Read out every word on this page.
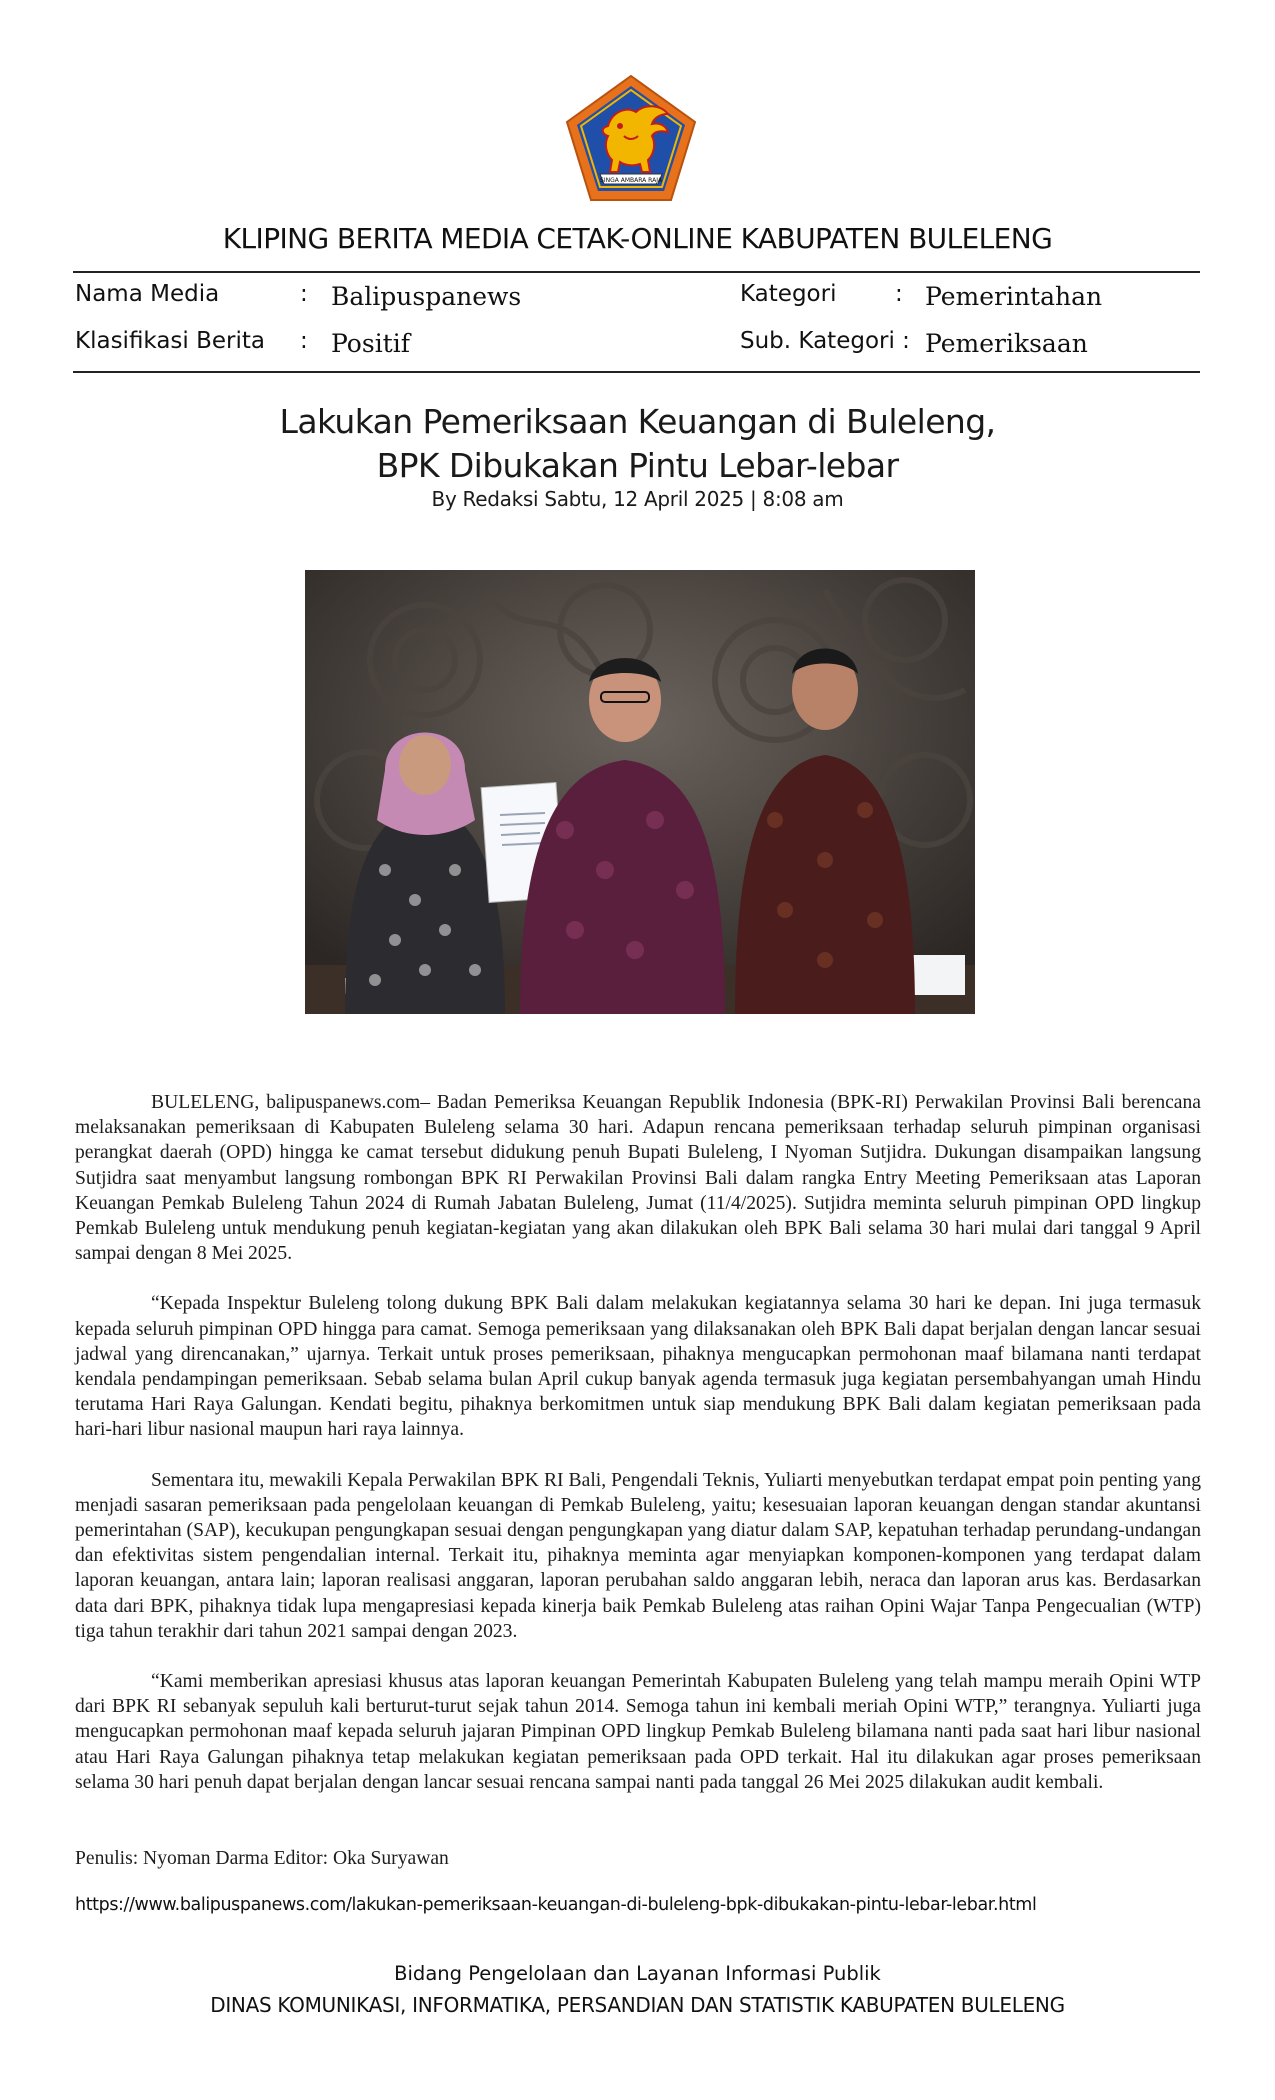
SINGA AMBARA RAJA
KLIPING BERITA MEDIA CETAK-ONLINE KABUPATEN BULELENG
Nama Media	: Balipuspanews	Kategori	: Pemerintahan
Klasifikasi Berita : Positif	Sub. Kategori : Pemeriksaan
Lakukan Pemeriksaan Keuangan di Buleleng,
BPK Dibukakan Pintu Lebar-lebar
By Redaksi Sabtu, 12 April 2025 | 8:08 am

BULELENG, balipuspanews.com– Badan Pemeriksa Keuangan Republik Indonesia (BPK-RI) Perwakilan Provinsi Bali berencana melaksanakan pemeriksaan di Kabupaten Buleleng selama 30 hari. Adapun rencana pemeriksaan terhadap seluruh pimpinan organisasi perangkat daerah (OPD) hingga ke camat tersebut didukung penuh Bupati Buleleng, I Nyoman Sutjidra. Dukungan disampaikan langsung Sutjidra saat menyambut langsung rombongan BPK RI Perwakilan Provinsi Bali dalam rangka Entry Meeting Pemeriksaan atas Laporan Keuangan Pemkab Buleleng Tahun 2024 di Rumah Jabatan Buleleng, Jumat (11/4/2025). Sutjidra meminta seluruh pimpinan OPD lingkup Pemkab Buleleng untuk mendukung penuh kegiatan-kegiatan yang akan dilakukan oleh BPK Bali selama 30 hari mulai dari tanggal 9 April sampai dengan 8 Mei 2025.

“Kepada Inspektur Buleleng tolong dukung BPK Bali dalam melakukan kegiatannya selama 30 hari ke depan. Ini juga termasuk kepada seluruh pimpinan OPD hingga para camat. Semoga pemeriksaan yang dilaksanakan oleh BPK Bali dapat berjalan dengan lancar sesuai jadwal yang direncanakan,” ujarnya. Terkait untuk proses pemeriksaan, pihaknya mengucapkan permohonan maaf bilamana nanti terdapat kendala pendampingan pemeriksaan. Sebab selama bulan April cukup banyak agenda termasuk juga kegiatan persembahyangan umah Hindu terutama Hari Raya Galungan. Kendati begitu, pihaknya berkomitmen untuk siap mendukung BPK Bali dalam kegiatan pemeriksaan pada hari-hari libur nasional maupun hari raya lainnya.

Sementara itu, mewakili Kepala Perwakilan BPK RI Bali, Pengendali Teknis, Yuliarti menyebutkan terdapat empat poin penting yang menjadi sasaran pemeriksaan pada pengelolaan keuangan di Pemkab Buleleng, yaitu; kesesuaian laporan keuangan dengan standar akuntansi pemerintahan (SAP), kecukupan pengungkapan sesuai dengan pengungkapan yang diatur dalam SAP, kepatuhan terhadap perundang-undangan dan efektivitas sistem pengendalian internal. Terkait itu, pihaknya meminta agar menyiapkan komponen-komponen yang terdapat dalam laporan keuangan, antara lain; laporan realisasi anggaran, laporan perubahan saldo anggaran lebih, neraca dan laporan arus kas. Berdasarkan data dari BPK, pihaknya tidak lupa mengapresiasi kepada kinerja baik Pemkab Buleleng atas raihan Opini Wajar Tanpa Pengecualian (WTP) tiga tahun terakhir dari tahun 2021 sampai dengan 2023.

“Kami memberikan apresiasi khusus atas laporan keuangan Pemerintah Kabupaten Buleleng yang telah mampu meraih Opini WTP dari BPK RI sebanyak sepuluh kali berturut-turut sejak tahun 2014. Semoga tahun ini kembali meriah Opini WTP,” terangnya. Yuliarti juga mengucapkan permohonan maaf kepada seluruh jajaran Pimpinan OPD lingkup Pemkab Buleleng bilamana nanti pada saat hari libur nasional atau Hari Raya Galungan pihaknya tetap melakukan kegiatan pemeriksaan pada OPD terkait. Hal itu dilakukan agar proses pemeriksaan selama 30 hari penuh dapat berjalan dengan lancar sesuai rencana sampai nanti pada tanggal 26 Mei 2025 dilakukan audit kembali.

Penulis: Nyoman Darma Editor: Oka Suryawan
https://www.balipuspanews.com/lakukan-pemeriksaan-keuangan-di-buleleng-bpk-dibukakan-pintu-lebar-lebar.html
Bidang Pengelolaan dan Layanan Informasi Publik
DINAS KOMUNIKASI, INFORMATIKA, PERSANDIAN DAN STATISTIK KABUPATEN BULELENG
